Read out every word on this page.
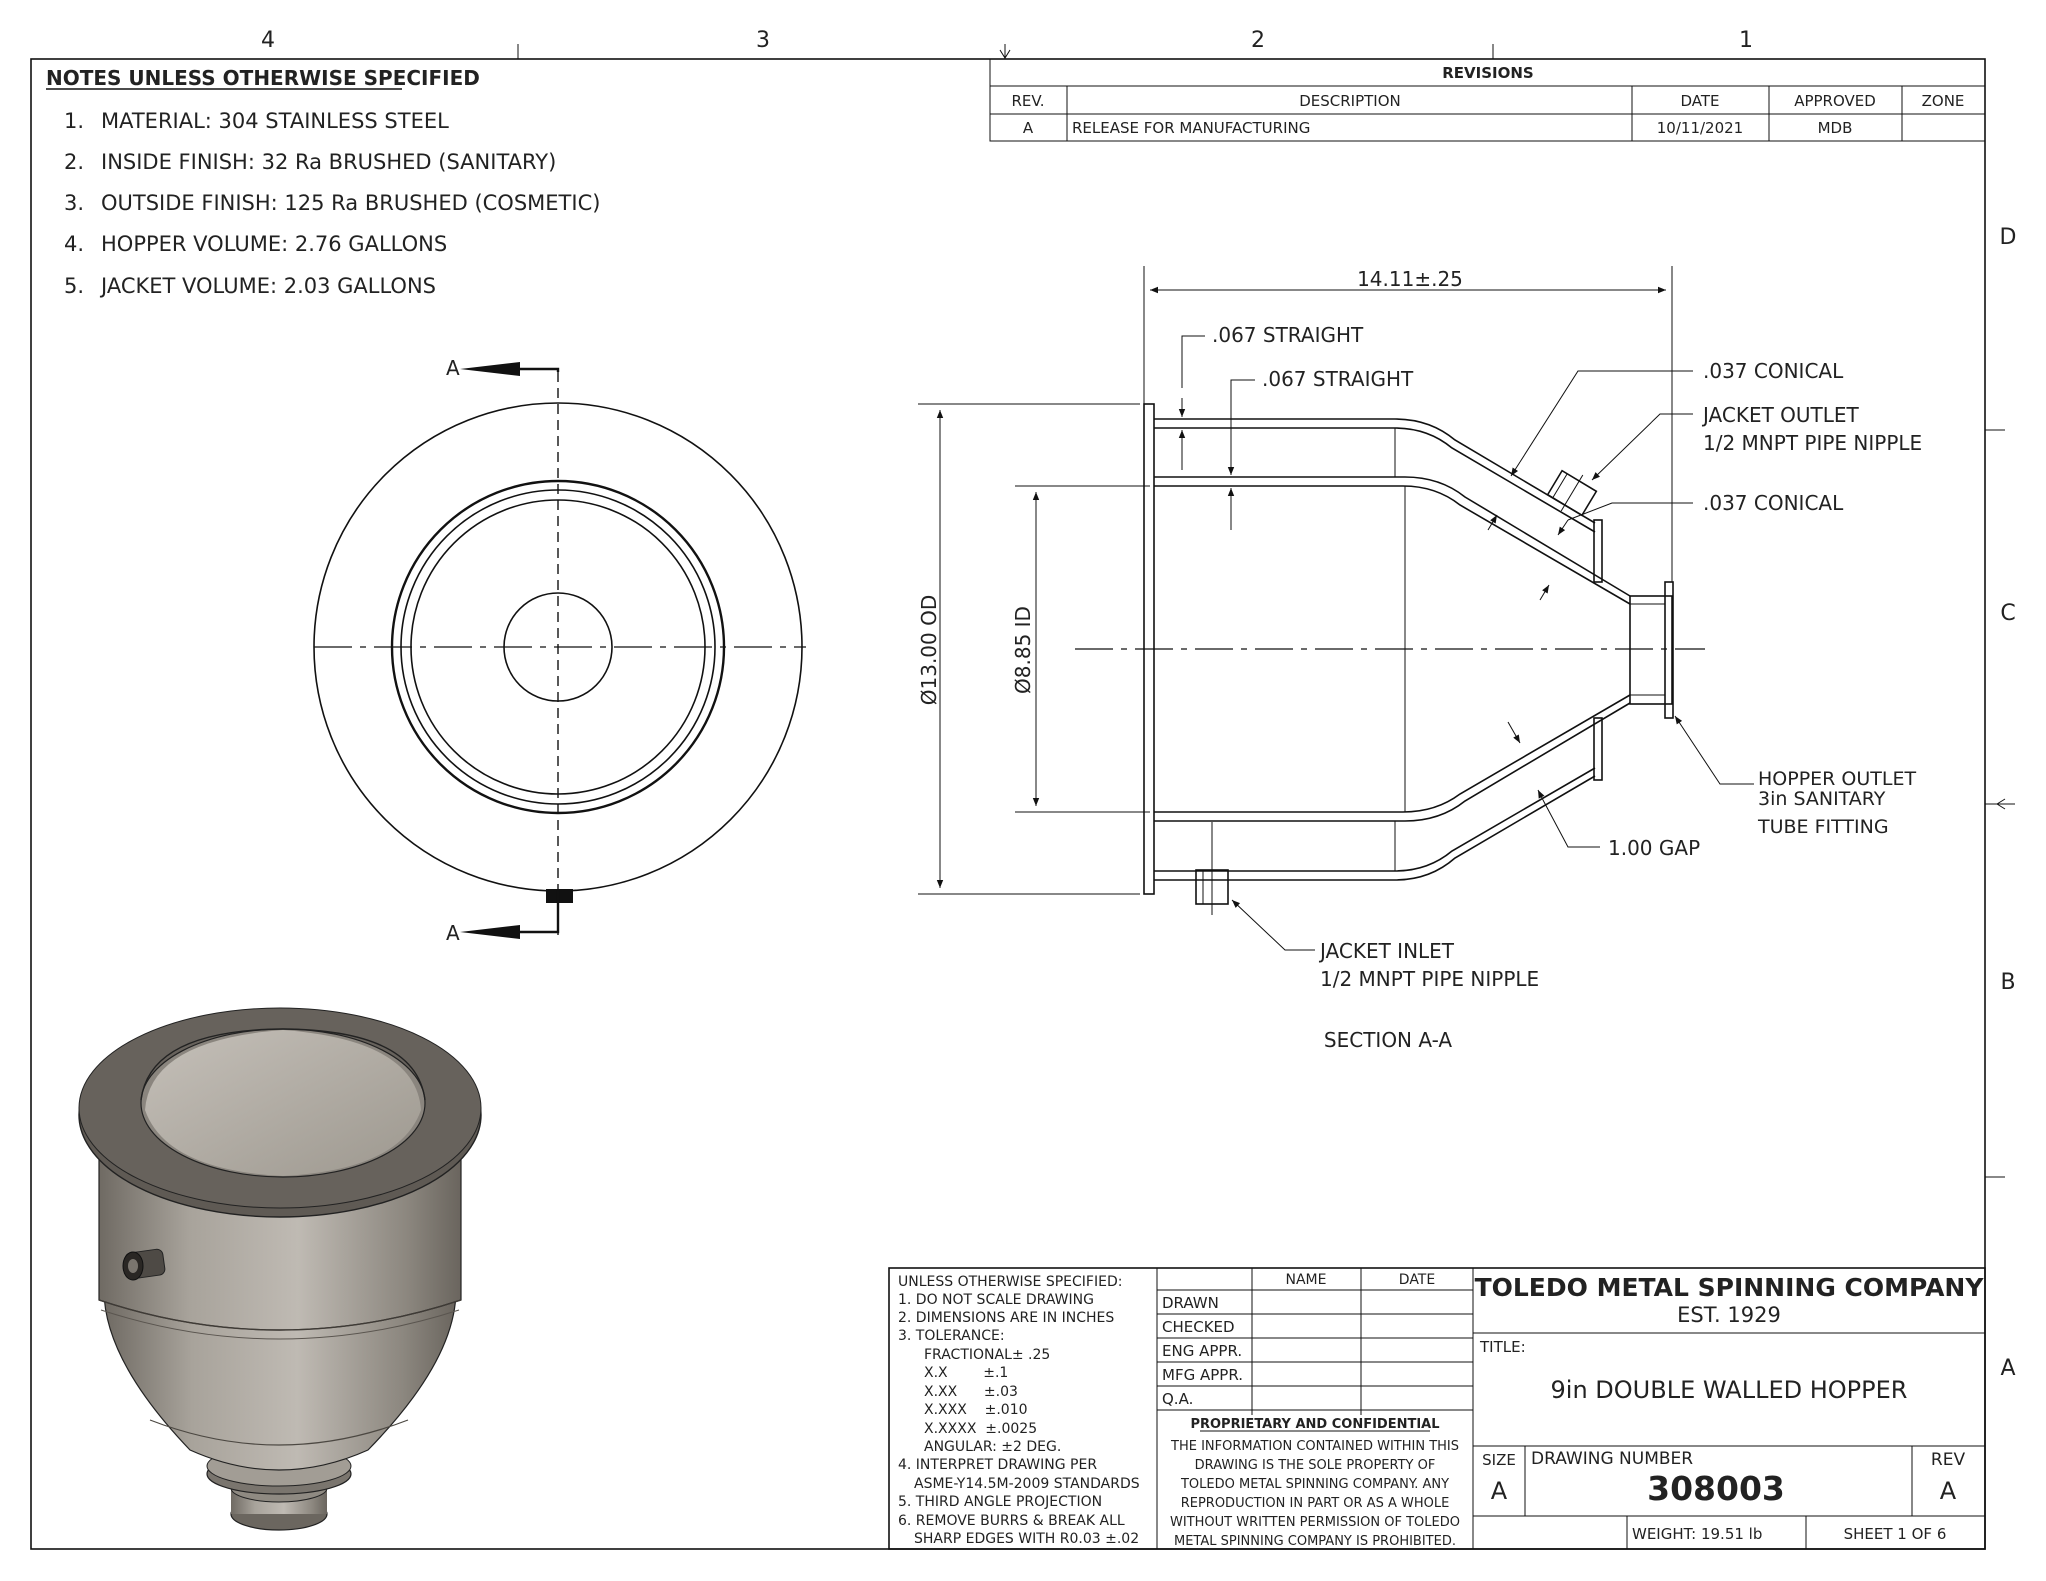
4	3	2	1
D
C
B
A
NOTES UNLESS OTHERWISE SPECIFIED
1. MATERIAL: 304 STAINLESS STEEL
2. INSIDE FINISH: 32 Ra BRUSHED (SANITARY)
3. OUTSIDE FINISH: 125 Ra BRUSHED (COSMETIC)
4. HOPPER VOLUME: 2.76 GALLONS
5. JACKET VOLUME: 2.03 GALLONS
REVISIONS
REV.	DESCRIPTION	DATE	APPROVED	ZONE
A	RELEASE FOR MANUFACTURING	10/11/2021	MDB
A
A
14.11±.25
Ø13.00 OD	Ø8.85 ID
.067 STRAIGHT
.067 STRAIGHT	.037 CONICAL
JACKET OUTLET
1/2 MNPT PIPE NIPPLE
.037 CONICAL
1.00 GAP
HOPPER OUTLET
3in SANITARY
TUBE FITTING
JACKET INLET
1/2 MNPT PIPE NIPPLE
SECTION A-A
UNLESS OTHERWISE SPECIFIED:
1. DO NOT SCALE DRAWING
2. DIMENSIONS ARE IN INCHES
3. TOLERANCE:
FRACTIONAL± .25
X.X        ±.1
X.XX      ±.03
X.XXX    ±.010
X.XXXX  ±.0025
ANGULAR: ±2 DEG.
4. INTERPRET DRAWING PER
ASME-Y14.5M-2009 STANDARDS
5. THIRD ANGLE PROJECTION
6. REMOVE BURRS & BREAK ALL
SHARP EDGES WITH R0.03 ±.02
NAME	DATE
DRAWN
CHECKED
ENG APPR.
MFG APPR.
Q.A.
PROPRIETARY AND CONFIDENTIAL
THE INFORMATION CONTAINED WITHIN THIS
DRAWING IS THE SOLE PROPERTY OF
TOLEDO METAL SPINNING COMPANY. ANY
REPRODUCTION IN PART OR AS A WHOLE
WITHOUT WRITTEN PERMISSION OF TOLEDO
METAL SPINNING COMPANY IS PROHIBITED.
TOLEDO METAL SPINNING COMPANY
EST. 1929
TITLE:
9in DOUBLE WALLED HOPPER
SIZE
A
DRAWING NUMBER
308003
REV
A
WEIGHT: 19.51 lb	SHEET 1 OF 6
